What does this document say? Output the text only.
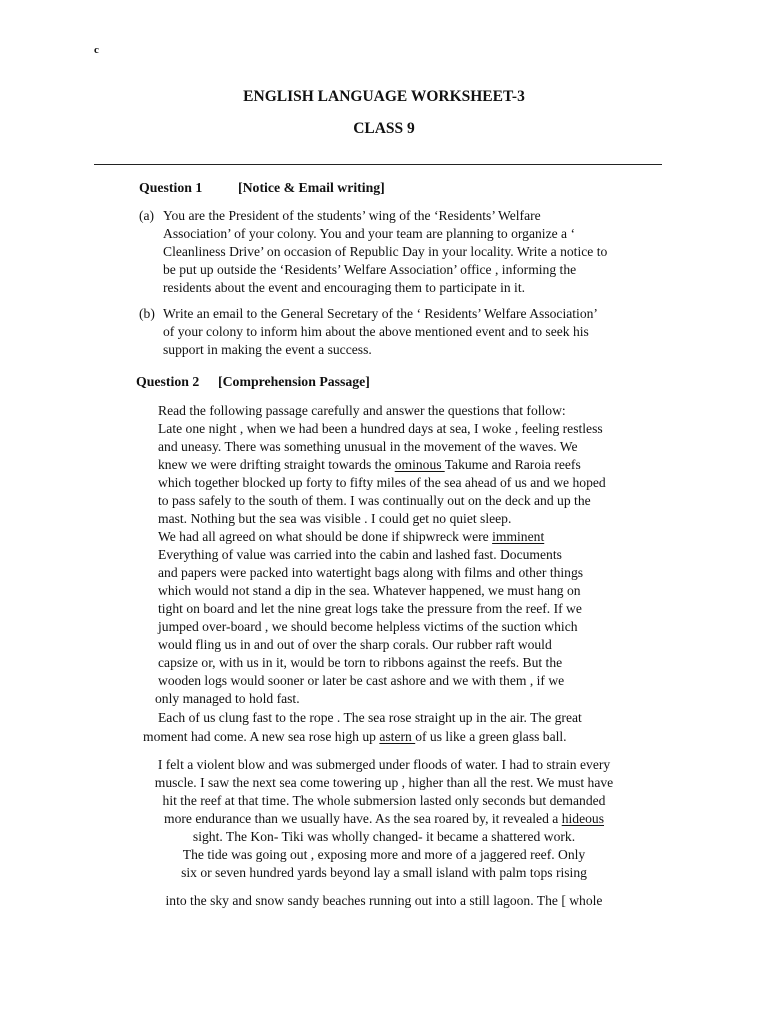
c
ENGLISH LANGUAGE WORKSHEET-3
CLASS 9
Question 1	[Notice & Email writing]
(a) You are the President of the students’ wing of the ‘Residents’ Welfare
Association’ of your colony. You and your team are planning to organize a ‘
Cleanliness Drive’ on occasion of Republic Day in your locality. Write a notice to
be put up outside the ‘Residents’ Welfare Association’ office , informing the
residents about the event and encouraging them to participate in it.
(b) Write an email to the General Secretary of the ‘ Residents’ Welfare Association’
of your colony to inform him about the above mentioned event and to seek his
support in making the event a success.
Question 2 [Comprehension Passage]
Read the following passage carefully and answer the questions that follow:
Late one night , when we had been a hundred days at sea, I woke , feeling restless
and uneasy. There was something unusual in the movement of the waves. We
knew we were drifting straight towards the ominous Takume and Raroia reefs
which together blocked up forty to fifty miles of the sea ahead of us and we hoped
to pass safely to the south of them. I was continually out on the deck and up the
mast. Nothing but the sea was visible . I could get no quiet sleep.
We had all agreed on what should be done if shipwreck were imminent
Everything of value was carried into the cabin and lashed fast. Documents
and papers were packed into watertight bags along with films and other things
which would not stand a dip in the sea. Whatever happened, we must hang on
tight on board and let the nine great logs take the pressure from the reef. If we
jumped over-board , we should become helpless victims of the suction which
would fling us in and out of over the sharp corals. Our rubber raft would
capsize or, with us in it, would be torn to ribbons against the reefs. But the
wooden logs would sooner or later be cast ashore and we with them , if we
only managed to hold fast.
Each of us clung fast to the rope . The sea rose straight up in the air. The great
moment had come. A new sea rose high up astern of us like a green glass ball.
I felt a violent blow and was submerged under floods of water. I had to strain every
muscle. I saw the next sea come towering up , higher than all the rest. We must have
hit the reef at that time. The whole submersion lasted only seconds but demanded
more endurance than we usually have. As the sea roared by, it revealed a hideous
sight. The Kon- Tiki was wholly changed- it became a shattered work.
The tide was going out , exposing more and more of a jaggered reef. Only
six or seven hundred yards beyond lay a small island with palm tops rising
into the sky and snow sandy beaches running out into a still lagoon. The [ whole
